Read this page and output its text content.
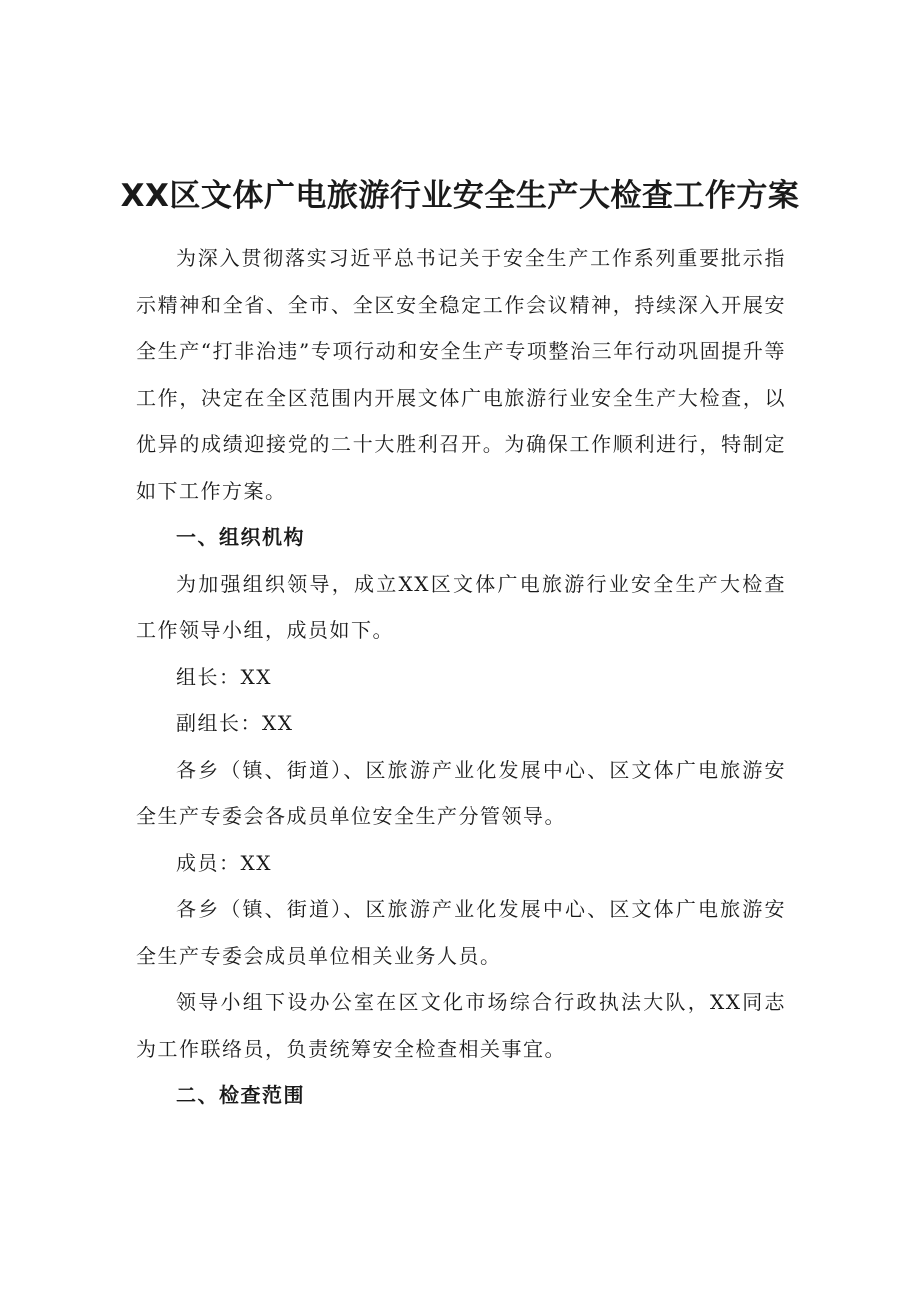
XX区文体广电旅游行业安全生产大检查工作方案

为深入贯彻落实习近平总书记关于安全生产工作系列重要批示指示精神和全省、全市、全区安全稳定工作会议精神，持续深入开展安全生产“打非治违”专项行动和安全生产专项整治三年行动巩固提升等工作，决定在全区范围内开展文体广电旅游行业安全生产大检查，以优异的成绩迎接党的二十大胜利召开。为确保工作顺利进行，特制定如下工作方案。

一、组织机构

为加强组织领导，成立XX区文体广电旅游行业安全生产大检查工作领导小组，成员如下。

组长：XX

副组长：XX

各乡（镇、街道）、区旅游产业化发展中心、区文体广电旅游安全生产专委会各成员单位安全生产分管领导。

成员：XX

各乡（镇、街道）、区旅游产业化发展中心、区文体广电旅游安全生产专委会成员单位相关业务人员。

领导小组下设办公室在区文化市场综合行政执法大队，XX同志为工作联络员，负责统筹安全检查相关事宜。

二、检查范围
